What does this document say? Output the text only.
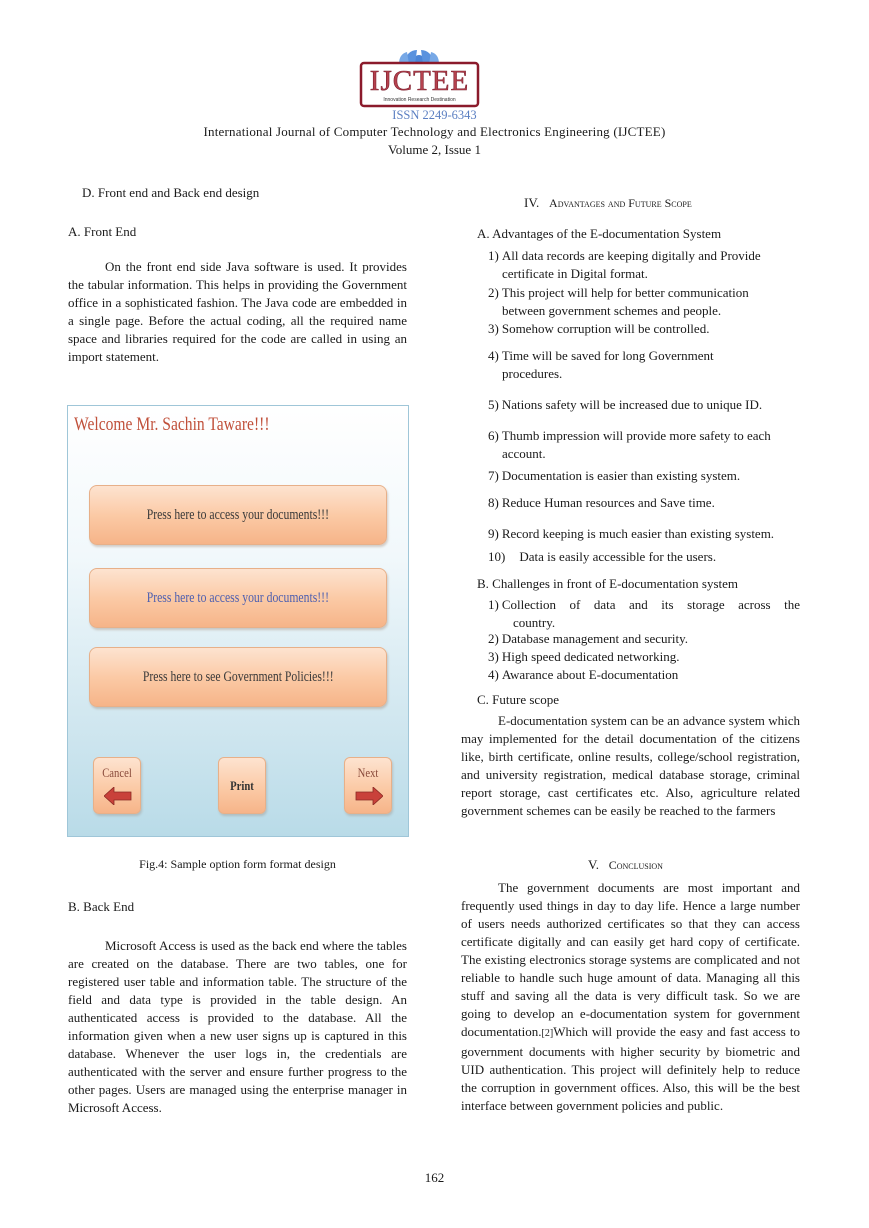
IJCTEE
Innovation Research Destination
ISSN 2249-6343
International Journal of Computer Technology and Electronics Engineering (IJCTEE)
Volume 2, Issue 1
D. Front end and Back end design
A. Front End
On the front end side Java software is used. It provides the tabular information. This helps in providing the Government office in a sophisticated fashion. The Java code are embedded in a single page. Before the actual coding, all the required name space and libraries required for the code are called in using an import statement.
Welcome Mr. Sachin Taware!!!
Press here to access your documents!!!
Press here to access your documents!!!
Press here to see Government Policies!!!
Cancel
Print
Next
Fig.4: Sample option form format design
B. Back End
Microsoft Access is used as the back end where the tables are created on the database. There are two tables, one for registered user table and information table. The structure of the field and data type is provided in the table design. An authenticated access is provided to the database. All the information given when a new user signs up is captured in this database. Whenever the user logs in, the credentials are authenticated with the server and ensure further progress to the other pages. Users are managed using the enterprise manager in Microsoft Access.
IV. Advantages and Future Scope
A. Advantages of the E-documentation System
1) All data records are keeping digitally and Provide
certificate in Digital format.
2) This project will help for better communication
between government schemes and people.
3) Somehow corruption will be controlled.
4) Time will be saved for long Government
procedures.
5) Nations safety will be increased due to unique ID.
6) Thumb impression will provide more safety to each
account.
7) Documentation is easier than existing system.
8) Reduce Human resources and Save time.
9) Record keeping is much easier than existing system.
10) Data is easily accessible for the users.
B. Challenges in front of E-documentation system
1) Collection of data and its storage across the
country.
2) Database management and security.
3) High speed dedicated networking.
4) Awarance about E-documentation
C. Future scope
E-documentation system can be an advance system which may implemented for the detail documentation of the citizens like, birth certificate, online results, college/school registration, and university registration, medical database storage, criminal report storage, cast certificates etc. Also, agriculture related government schemes can be easily be reached to the farmers
V. Conclusion
The government documents are most important and frequently used things in day to day life. Hence a large number of users needs authorized certificates so that they can access certificate digitally and can easily get hard copy of certificate. The existing electronics storage systems are complicated and not reliable to handle such huge amount of data. Managing all this stuff and saving all the data is very difficult task. So we are going to develop an e-documentation system for government documentation.[2]Which will provide the easy and fast access to government documents with higher security by biometric and UID authentication. This project will definitely help to reduce the corruption in government offices. Also, this will be the best interface between government policies and public.
162
